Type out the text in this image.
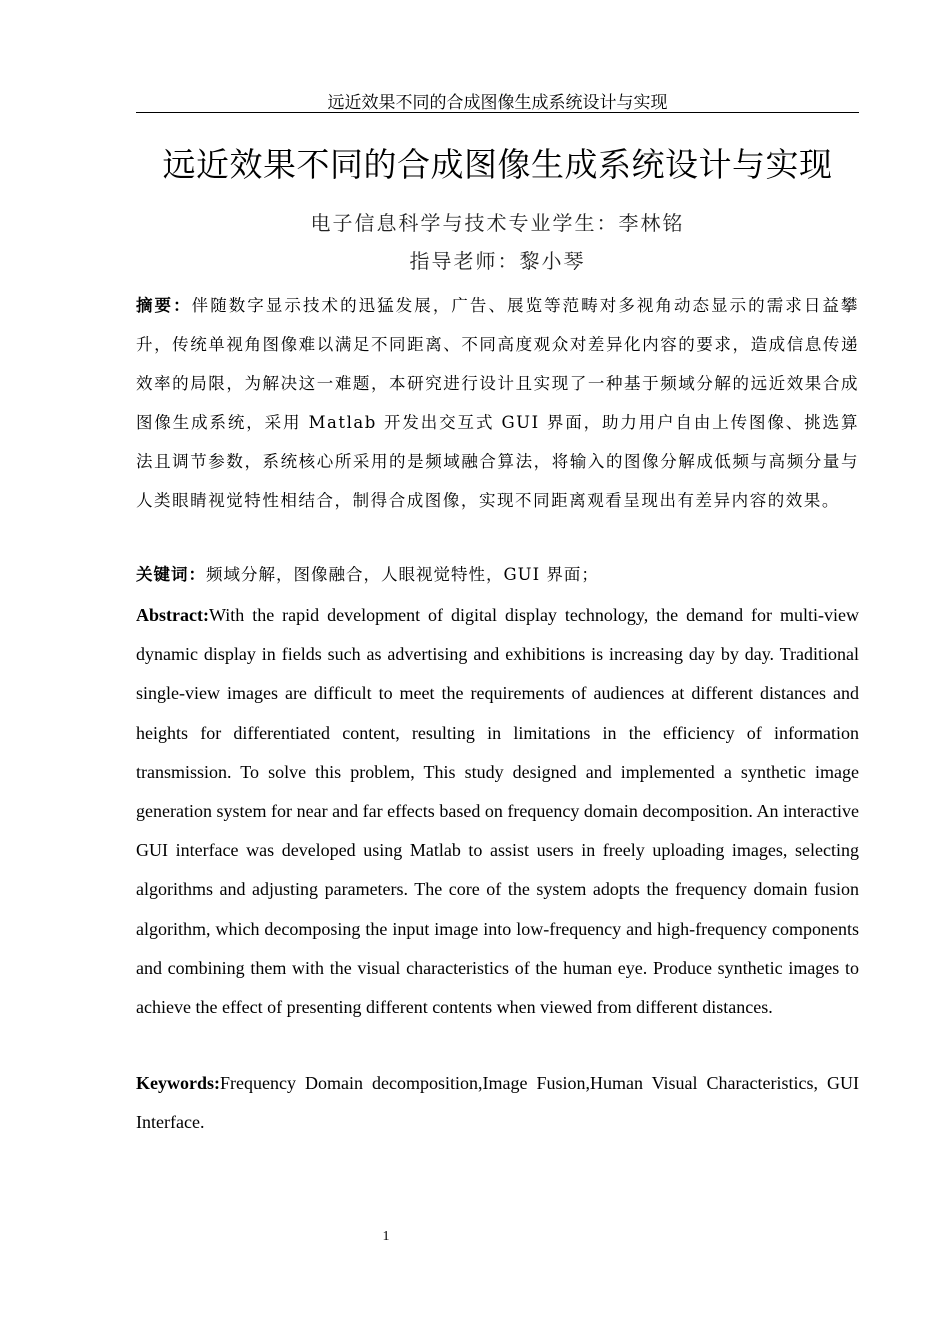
远近效果不同的合成图像生成系统设计与实现
远近效果不同的合成图像生成系统设计与实现
电子信息科学与技术专业学生：李林铭
指导老师：黎小琴

摘要：伴随数字显示技术的迅猛发展，广告、展览等范畴对多视角动态显示的需求日益攀升，传统单视角图像难以满足不同距离、不同高度观众对差异化内容的要求，造成信息传递效率的局限，为解决这一难题，本研究进行设计且实现了一种基于频域分解的远近效果合成图像生成系统，采用 Matlab 开发出交互式 GUI 界面，助力用户自由上传图像、挑选算法且调节参数，系统核心所采用的是频域融合算法，将输入的图像分解成低频与高频分量与人类眼睛视觉特性相结合，制得合成图像，实现不同距离观看呈现出有差异内容的效果。

关键词：频域分解，图像融合，人眼视觉特性，GUI 界面；

Abstract:With the rapid development of digital display technology, the demand for multi-view dynamic display in fields such as advertising and exhibitions is increasing day by day. Traditional single-view images are difficult to meet the requirements of audiences at different distances and heights for differentiated content, resulting in limitations in the efficiency of information transmission. To solve this problem, This study designed and implemented a synthetic image generation system for near and far effects based on frequency domain decomposition. An interactive GUI interface was developed using Matlab to assist users in freely uploading images, selecting algorithms and adjusting parameters. The core of the system adopts the frequency domain fusion algorithm, which decomposing the input image into low-frequency and high-frequency components and combining them with the visual characteristics of the human eye. Produce synthetic images to achieve the effect of presenting different contents when viewed from different distances.

Keywords:Frequency Domain decomposition,Image Fusion,Human Visual Characteristics, GUI Interface.

1
